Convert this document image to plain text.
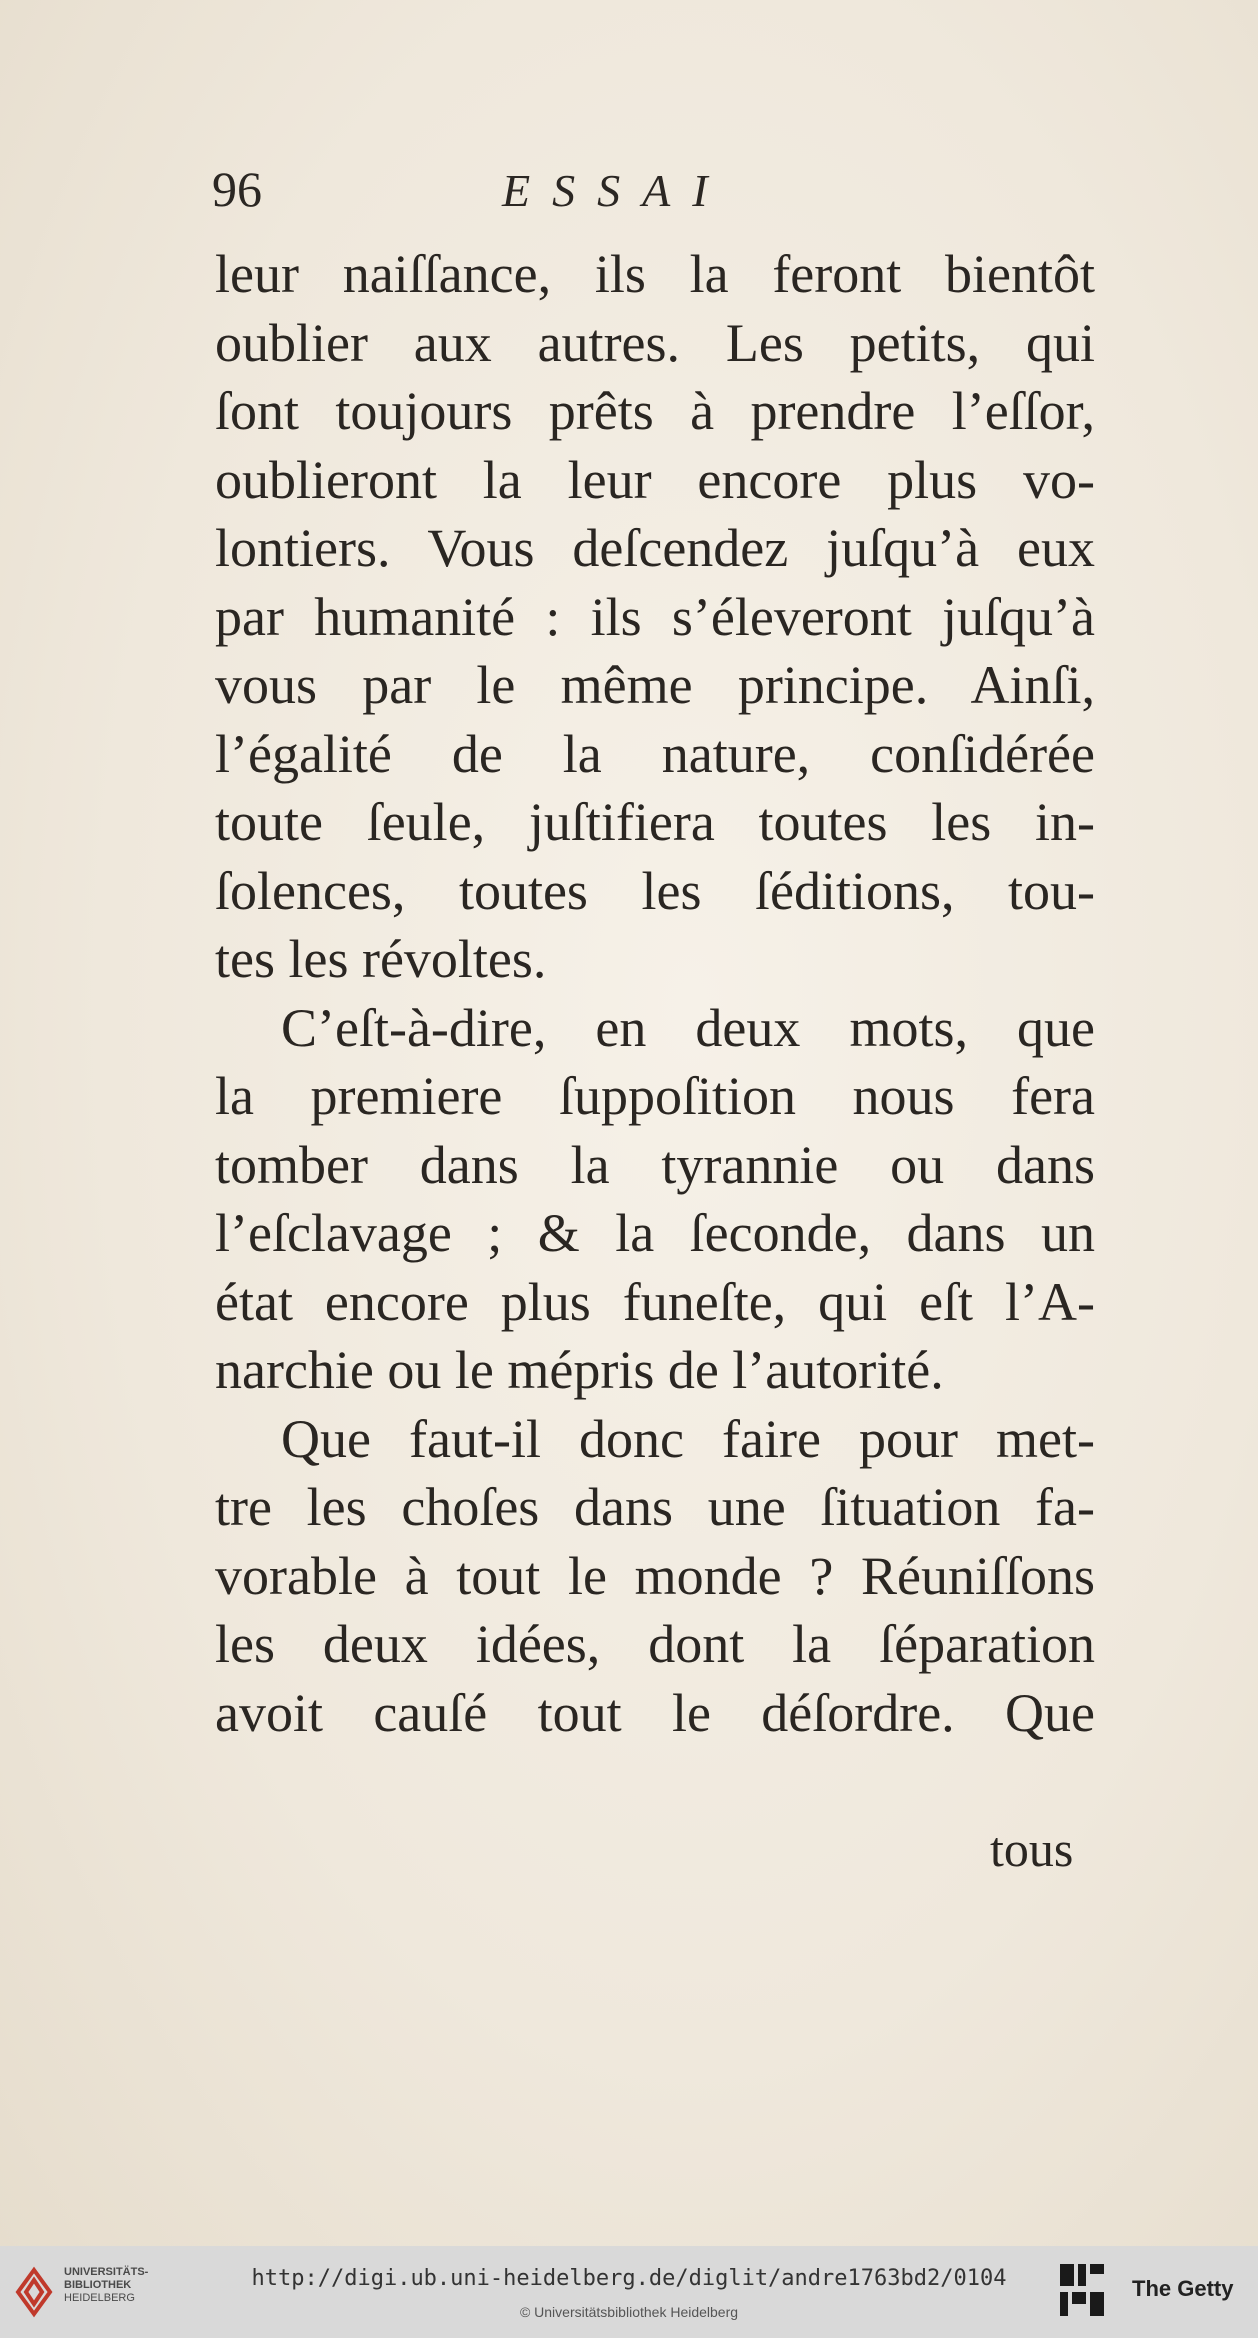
96	ESSAI
leur naiſſance, ils la feront bientôt
oublier aux autres. Les petits, qui
ſont toujours prêts à prendre l’eſſor,
oublieront la leur encore plus vo-
lontiers. Vous deſcendez juſqu’à eux
par humanité : ils s’éleveront juſqu’à
vous par le même principe. Ainſi,
l’égalité de la nature, conſidérée
toute ſeule, juſtifiera toutes les in-
ſolences, toutes les ſéditions, tou-
tes les révoltes.
C’eſt-à-dire, en deux mots, que
la premiere ſuppoſition nous fera
tomber dans la tyrannie ou dans
l’eſclavage ; & la ſeconde, dans un
état encore plus funeſte, qui eſt l’A-
narchie ou le mépris de l’autorité.
Que faut-il donc faire pour met-
tre les choſes dans une ſituation fa-
vorable à tout le monde ? Réuniſſons
les deux idées, dont la ſéparation
avoit cauſé tout le déſordre. Que
tous
UNIVERSITÄTS-
BIBLIOTHEK
HEIDELBERG
http://digi.ub.uni-heidelberg.de/diglit/andre1763bd2/0104
© Universitätsbibliothek Heidelberg
The Getty
